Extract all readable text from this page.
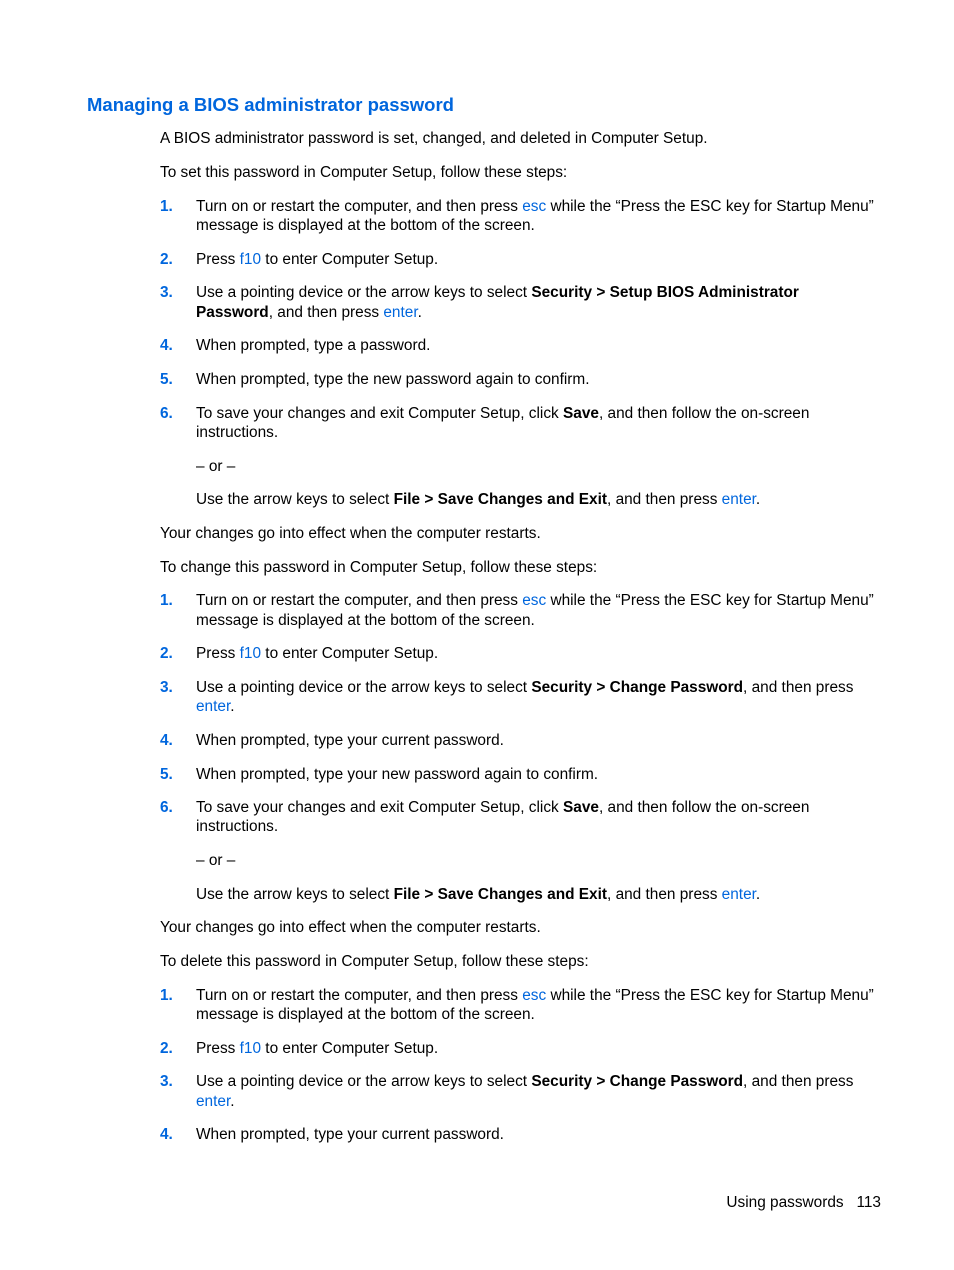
Managing a BIOS administrator password
A BIOS administrator password is set, changed, and deleted in Computer Setup.
To set this password in Computer Setup, follow these steps:
1. Turn on or restart the computer, and then press esc while the “Press the ESC key for Startup Menu”
message is displayed at the bottom of the screen.
2. Press f10 to enter Computer Setup.
3. Use a pointing device or the arrow keys to select Security > Setup BIOS Administrator
Password, and then press enter.
4. When prompted, type a password.
5. When prompted, type the new password again to confirm.
6. To save your changes and exit Computer Setup, click Save, and then follow the on-screen
instructions.
– or –
Use the arrow keys to select File > Save Changes and Exit, and then press enter.
Your changes go into effect when the computer restarts.
To change this password in Computer Setup, follow these steps:
1. Turn on or restart the computer, and then press esc while the “Press the ESC key for Startup Menu”
message is displayed at the bottom of the screen.
2. Press f10 to enter Computer Setup.
3. Use a pointing device or the arrow keys to select Security > Change Password, and then press
enter.
4. When prompted, type your current password.
5. When prompted, type your new password again to confirm.
6. To save your changes and exit Computer Setup, click Save, and then follow the on-screen
instructions.
– or –
Use the arrow keys to select File > Save Changes and Exit, and then press enter.
Your changes go into effect when the computer restarts.
To delete this password in Computer Setup, follow these steps:
1. Turn on or restart the computer, and then press esc while the “Press the ESC key for Startup Menu”
message is displayed at the bottom of the screen.
2. Press f10 to enter Computer Setup.
3. Use a pointing device or the arrow keys to select Security > Change Password, and then press
enter.
4. When prompted, type your current password.
Using passwords 113
